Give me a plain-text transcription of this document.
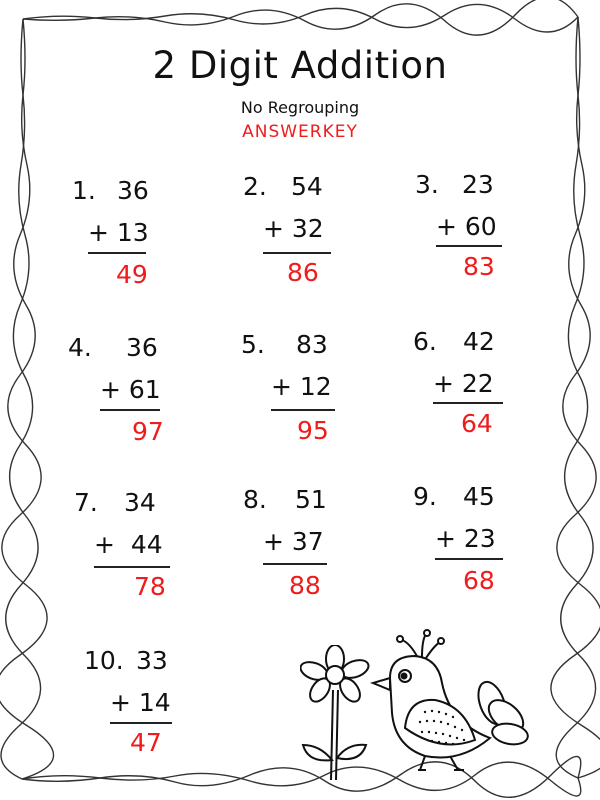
2 Digit Addition
No Regrouping
ANSWERKEY
1. 36
+ 13
49
2. 54
+ 32
86
3. 23
+ 60
83
4. 36
+ 61
97
5. 83
+ 12
95
6. 42
+ 22
64
7. 34
+  44
78
8. 51
+ 37
88
9. 45
+ 23
68
10. 33
+ 14
47
